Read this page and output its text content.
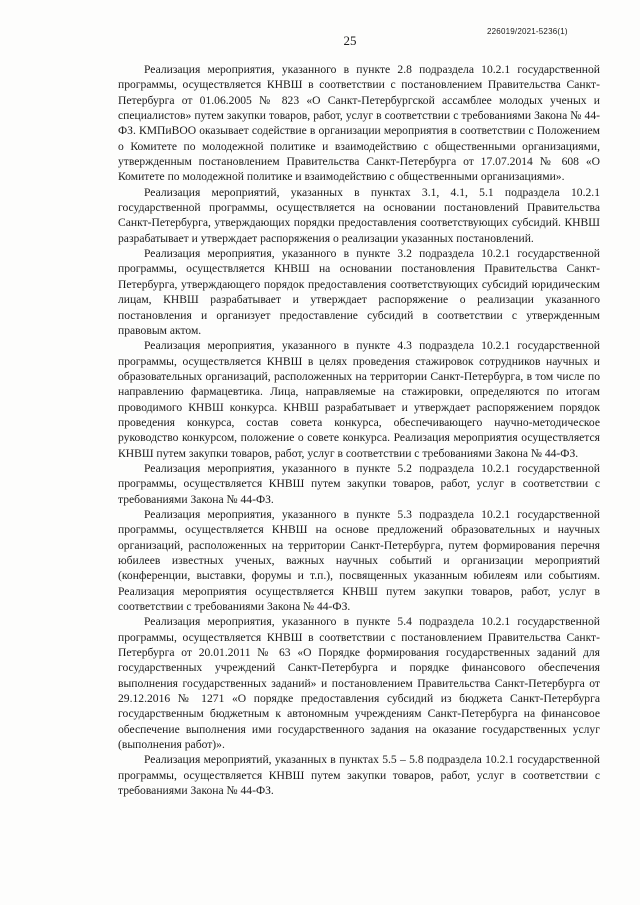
226019/2021-5236(1)
25

Реализация мероприятия, указанного в пункте 2.8 подраздела 10.2.1 государственной программы, осуществляется КНВШ в соответствии с постановлением Правительства Санкт-Петербурга от 01.06.2005 № 823 «О Санкт-Петербургской ассамблее молодых ученых и специалистов» путем закупки товаров, работ, услуг в соответствии с требованиями Закона № 44-ФЗ. КМПиВОО оказывает содействие в организации мероприятия в соответствии с Положением о Комитете по молодежной политике и взаимодействию с общественными организациями, утвержденным постановлением Правительства Санкт-Петербурга от 17.07.2014 № 608 «О Комитете по молодежной политике и взаимодействию с общественными организациями».

Реализация мероприятий, указанных в пунктах 3.1, 4.1, 5.1 подраздела 10.2.1 государственной программы, осуществляется на основании постановлений Правительства Санкт-Петербурга, утверждающих порядки предоставления соответствующих субсидий. КНВШ разрабатывает и утверждает распоряжения о реализации указанных постановлений.

Реализация мероприятия, указанного в пункте 3.2 подраздела 10.2.1 государственной программы, осуществляется КНВШ на основании постановления Правительства Санкт-Петербурга, утверждающего порядок предоставления соответствующих субсидий юридическим лицам, КНВШ разрабатывает и утверждает распоряжение о реализации указанного постановления и организует предоставление субсидий в соответствии с утвержденным правовым актом.

Реализация мероприятия, указанного в пункте 4.3 подраздела 10.2.1 государственной программы, осуществляется КНВШ в целях проведения стажировок сотрудников научных и образовательных организаций, расположенных на территории Санкт-Петербурга, в том числе по направлению фармацевтика. Лица, направляемые на стажировки, определяются по итогам проводимого КНВШ конкурса. КНВШ разрабатывает и утверждает распоряжением порядок проведения конкурса, состав совета конкурса, обеспечивающего научно-методическое руководство конкурсом, положение о совете конкурса. Реализация мероприятия осуществляется КНВШ путем закупки товаров, работ, услуг в соответствии с требованиями Закона № 44-ФЗ.

Реализация мероприятия, указанного в пункте 5.2 подраздела 10.2.1 государственной программы, осуществляется КНВШ путем закупки товаров, работ, услуг в соответствии с требованиями Закона № 44-ФЗ.

Реализация мероприятия, указанного в пункте 5.3 подраздела 10.2.1 государственной программы, осуществляется КНВШ на основе предложений образовательных и научных организаций, расположенных на территории Санкт-Петербурга, путем формирования перечня юбилеев известных ученых, важных научных событий и организации мероприятий (конференции, выставки, форумы и т.п.), посвященных указанным юбилеям или событиям. Реализация мероприятия осуществляется КНВШ путем закупки товаров, работ, услуг в соответствии с требованиями Закона № 44-ФЗ.

Реализация мероприятия, указанного в пункте 5.4 подраздела 10.2.1 государственной программы, осуществляется КНВШ в соответствии с постановлением Правительства Санкт-Петербурга от 20.01.2011 № 63 «О Порядке формирования государственных заданий для государственных учреждений Санкт-Петербурга и порядке финансового обеспечения выполнения государственных заданий» и постановлением Правительства Санкт-Петербурга от 29.12.2016 № 1271 «О порядке предоставления субсидий из бюджета Санкт-Петербурга государственным бюджетным к автономным учреждениям Санкт-Петербурга на финансовое обеспечение выполнения ими государственного задания на оказание государственных услуг (выполнения работ)».

Реализация мероприятий, указанных в пунктах 5.5 – 5.8 подраздела 10.2.1 государственной программы, осуществляется КНВШ путем закупки товаров, работ, услуг в соответствии с требованиями Закона № 44-ФЗ.
